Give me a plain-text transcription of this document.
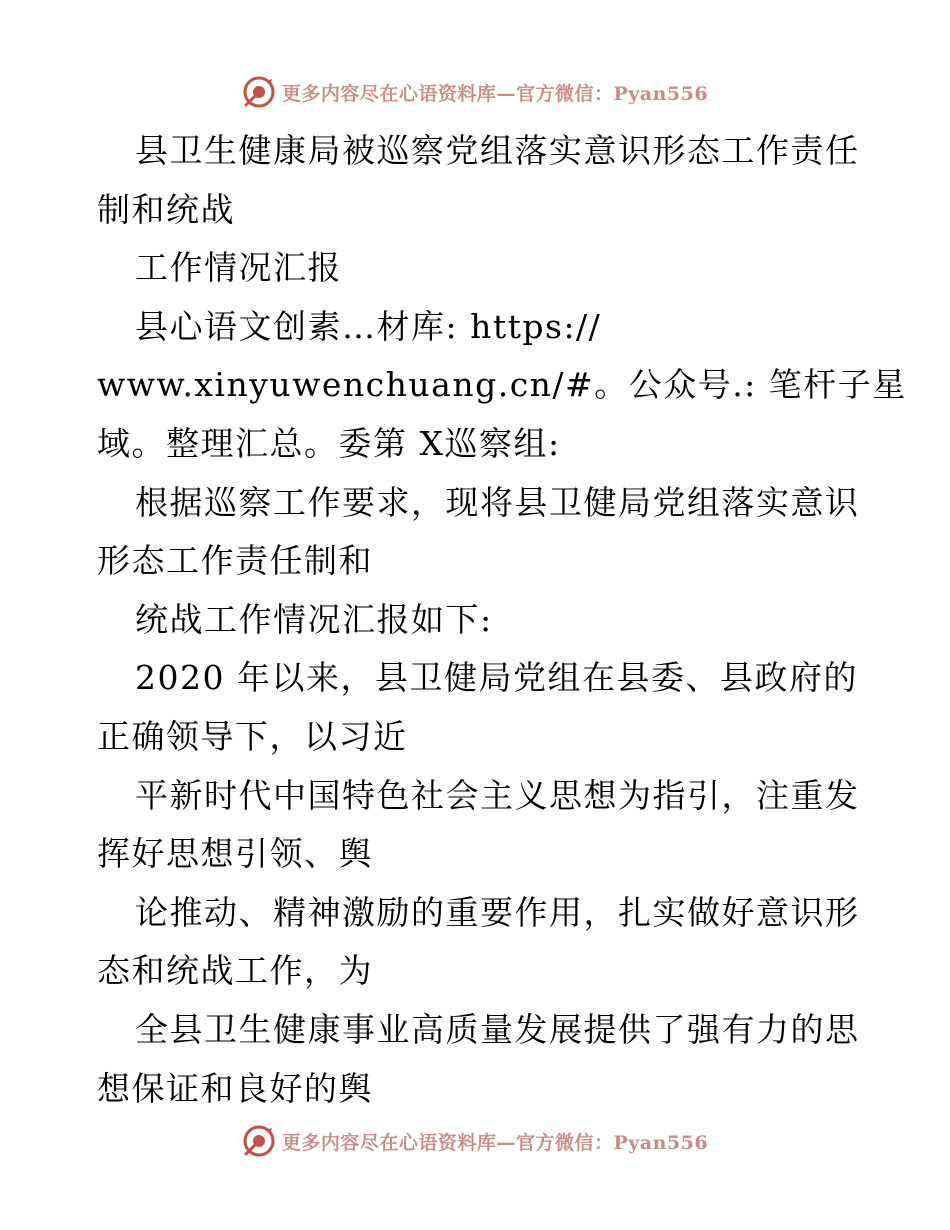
更多内容尽在心语资料库— 官方微信：Pyan556

县卫生健康局被巡察党组落实意识形态工作责任

制和统战

工作情况汇报

县心语文创素…材库: https://

www.xinyuwenchuang.cn/#。公众号.: 笔杆子星

域。整理汇总。委第 X巡察组:

根据巡察工作要求，现将县卫健局党组落实意识

形态工作责任制和

统战工作情况汇报如下:

2020 年以来，县卫健局党组在县委、县政府的

正确领导下，以习近

平新时代中国特色社会主义思想为指引，注重发

挥好思想引领、舆

论推动、精神激励的重要作用，扎实做好意识形

态和统战工作，为

全县卫生健康事业高质量发展提供了强有力的思

想保证和良好的舆

更多内容尽在心语资料库— 官方微信：Pyan556
